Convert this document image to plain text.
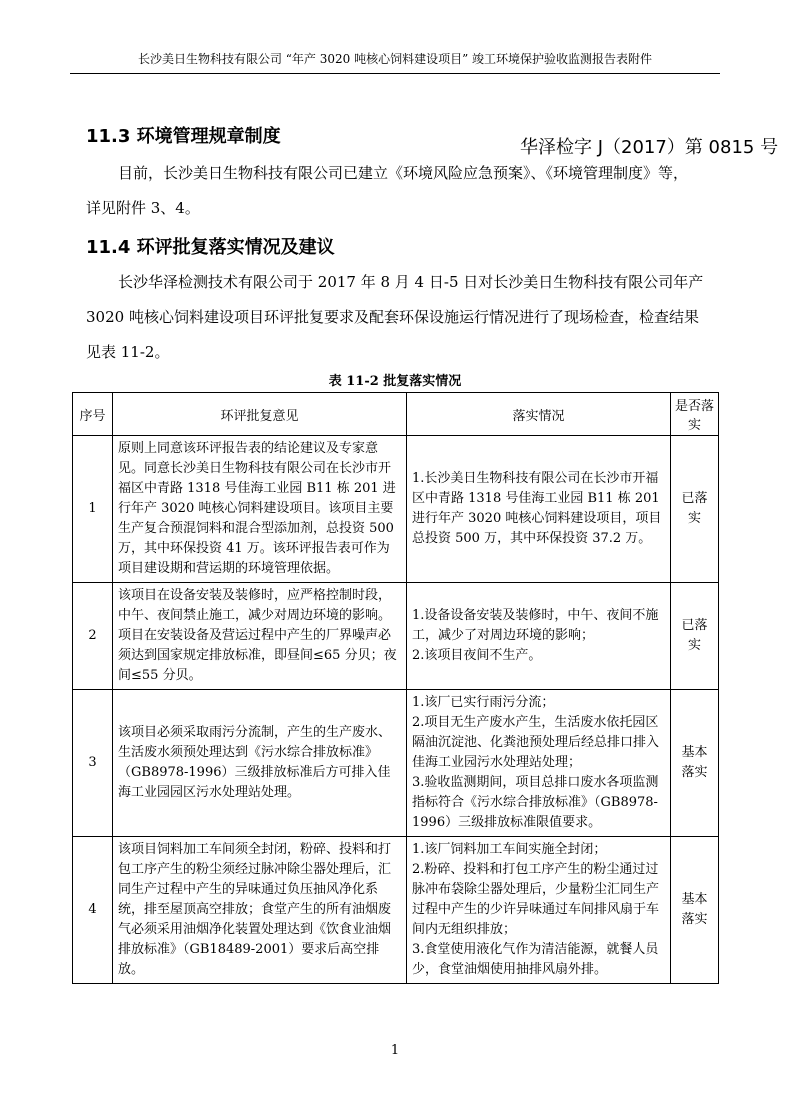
长沙美日生物科技有限公司 “年产 3020 吨核心饲料建设项目” 竣工环境保护验收监测报告表附件
11.3 环境管理规章制度
华泽检字 J（2017）第 0815 号
目前，长沙美日生物科技有限公司已建立《环境风险应急预案》、《环境管理制度》等，
详见附件 3、4。
11.4 环评批复落实情况及建议
长沙华泽检测技术有限公司于 2017 年 8 月 4 日-5 日对长沙美日生物科技有限公司年产
3020 吨核心饲料建设项目环评批复要求及配套环保设施运行情况进行了现场检查，检查结果
见表 11-2。
表 11-2 批复落实情况
序号	环评批复意见	落实情况	是否落实
1	原则上同意该环评报告表的结论建议及专家意见。同意长沙美日生物科技有限公司在长沙市开福区中青路 1318 号佳海工业园 B11 栋 201 进行年产 3020 吨核心饲料建设项目。该项目主要生产复合预混饲料和混合型添加剂，总投资 500 万，其中环保投资 41 万。该环评报告表可作为项目建设期和营运期的环境管理依据。	1.长沙美日生物科技有限公司在长沙市开福区中青路 1318 号佳海工业园 B11 栋 201 进行年产 3020 吨核心饲料建设项目，项目总投资 500 万，其中环保投资 37.2 万。	已落实
2	该项目在设备安装及装修时，应严格控制时段，中午、夜间禁止施工，减少对周边环境的影响。项目在安装设备及营运过程中产生的厂界噪声必须达到国家规定排放标准，即昼间≤65 分贝；夜间≤55 分贝。	1.设备设备安装及装修时，中午、夜间不施工，减少了对周边环境的影响；
2.该项目夜间不生产。	已落实
3	该项目必须采取雨污分流制，产生的生产废水、生活废水须预处理达到《污水综合排放标准》（GB8978-1996）三级排放标准后方可排入佳海工业园园区污水处理站处理。	1.该厂已实行雨污分流；
2.项目无生产废水产生，生活废水依托园区隔油沉淀池、化粪池预处理后经总排口排入佳海工业园污水处理站处理；
3.验收监测期间，项目总排口废水各项监测指标符合《污水综合排放标准》（GB8978-1996）三级排放标准限值要求。	基本落实
4	该项目饲料加工车间须全封闭，粉碎、投料和打包工序产生的粉尘须经过脉冲除尘器处理后，汇同生产过程中产生的异味通过负压抽风净化系统，排至屋顶高空排放；食堂产生的所有油烟废气必须采用油烟净化装置处理达到《饮食业油烟排放标准》（GB18489-2001）要求后高空排放。	1.该厂饲料加工车间实施全封闭；
2.粉碎、投料和打包工序产生的粉尘通过过脉冲布袋除尘器处理后，少量粉尘汇同生产过程中产生的少许异味通过车间排风扇于车间内无组织排放；
3.食堂使用液化气作为清洁能源，就餐人员少，食堂油烟使用抽排风扇外排。	基本落实
1
